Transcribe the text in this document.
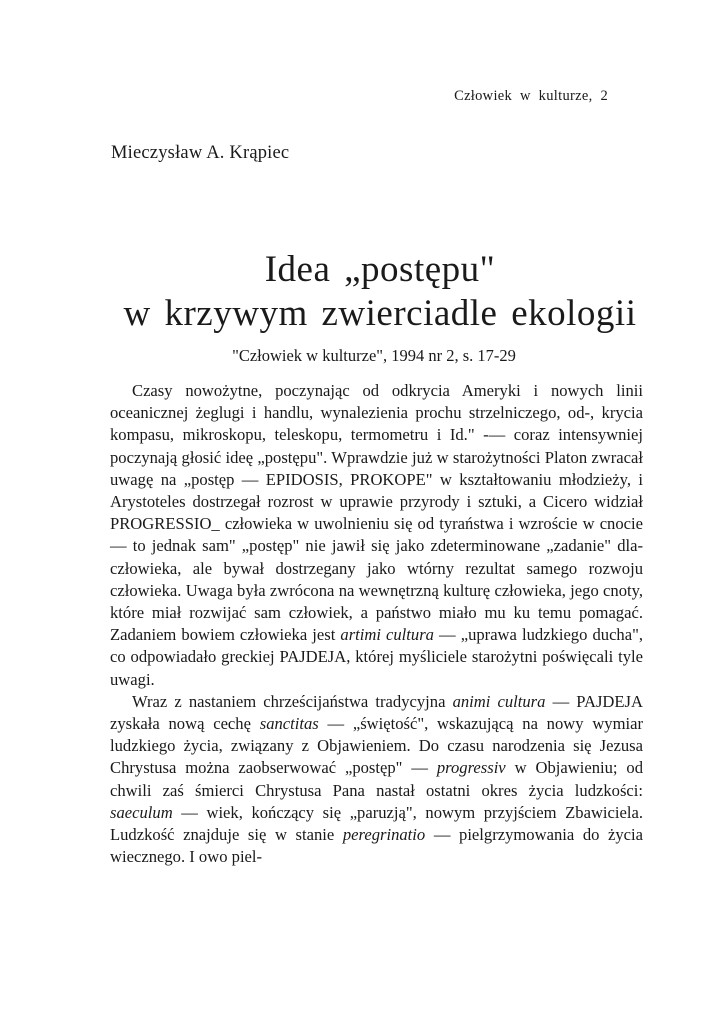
Człowiek w kulturze, 2
Mieczysław A. Krąpiec
Idea „postępu"
w krzywym zwierciadle ekologii
"Człowiek w kulturze", 1994 nr 2, s. 17-29

Czasy nowożytne, poczynając od odkrycia Ameryki i nowych linii oceanicznej żeglugi i handlu, wynalezienia prochu strzelniczego, od-, krycia kompasu, mikroskopu, teleskopu, termometru i Id." -— coraz intensywniej poczynają głosić ideę „postępu". Wprawdzie już w starożytności Platon zwracał uwagę na „postęp — EPIDOSIS, PROKOPE" w kształtowaniu młodzieży, i Arystoteles dostrzegał rozrost w uprawie przyrody i sztuki, a Cicero widział PROGRESSIO_ człowieka w uwolnieniu się od tyraństwa i wzroście w cnocie — to jednak sam" „postęp" nie jawił się jako zdeterminowane „zadanie" dla-człowieka, ale bywał dostrzegany jako wtórny rezultat samego rozwoju człowieka. Uwaga była zwrócona na wewnętrzną kulturę człowieka, jego cnoty, które miał rozwijać sam człowiek, a państwo miało mu ku temu pomagać. Zadaniem bowiem człowieka jest artimi cultura — „uprawa ludzkiego ducha", co odpowiadało greckiej PAJDEJA, której myśliciele starożytni poświęcali tyle uwagi.

Wraz z nastaniem chrześcijaństwa tradycyjna animi cultura — PAJDEJA zyskała nową cechę sanctitas — „świętość", wskazującą na nowy wymiar ludzkiego życia, związany z Objawieniem. Do czasu narodzenia się Jezusa Chrystusa można zaobserwować „postęp" — progressiv w Objawieniu; od chwili zaś śmierci Chrystusa Pana nastał ostatni okres życia ludzkości: saeculum — wiek, kończący się „paruzją", nowym przyjściem Zbawiciela. Ludzkość znajduje się w stanie peregrinatio — pielgrzymowania do życia wiecznego. I owo piel-
